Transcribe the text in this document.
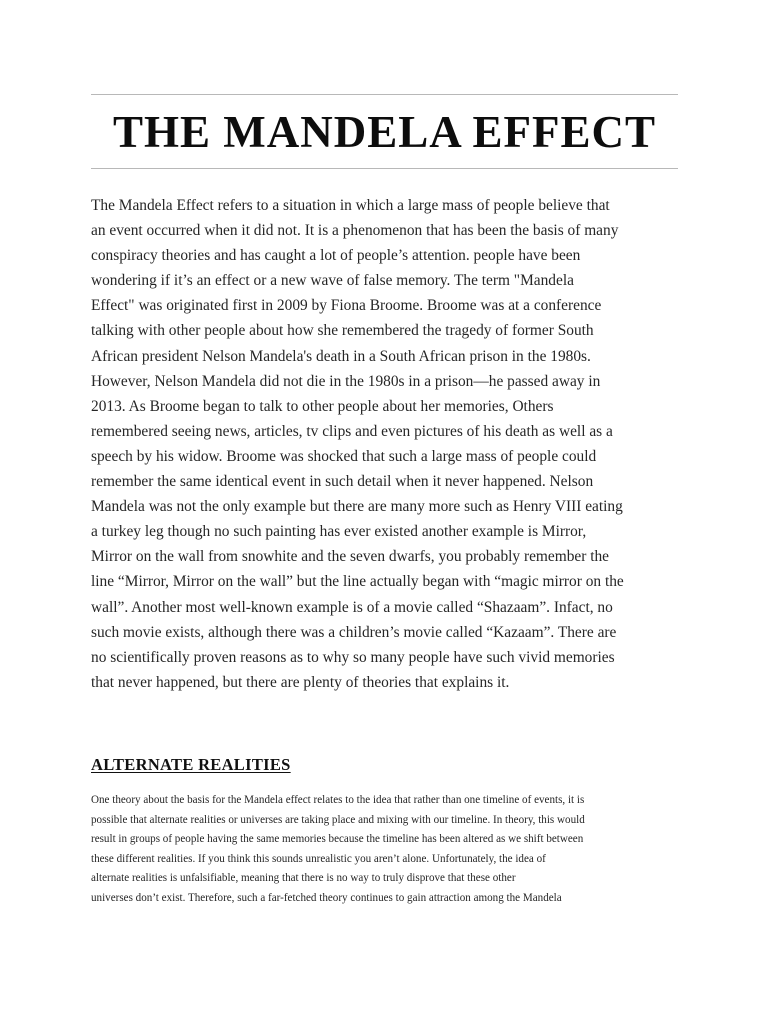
THE MANDELA EFFECT

The Mandela Effect refers to a situation in which a large mass of people believe that
an event occurred when it did not. It is a phenomenon that has been the basis of many
conspiracy theories and has caught a lot of people’s attention. people have been
wondering if it’s an effect or a new wave of false memory. The term "Mandela
Effect" was originated first in 2009 by Fiona Broome. Broome was at a conference
talking with other people about how she remembered the tragedy of former South
African president Nelson Mandela's death in a South African prison in the 1980s.
However, Nelson Mandela did not die in the 1980s in a prison—he passed away in
2013. As Broome began to talk to other people about her memories, Others
remembered seeing news, articles, tv clips and even pictures of his death as well as a
speech by his widow. Broome was shocked that such a large mass of people could
remember the same identical event in such detail when it never happened. Nelson
Mandela was not the only example but there are many more such as Henry VIII eating
a turkey leg though no such painting has ever existed another example is Mirror,
Mirror on the wall from snowhite and the seven dwarfs, you probably remember the
line “Mirror, Mirror on the wall” but the line actually began with “magic mirror on the
wall”. Another most well-known example is of a movie called “Shazaam”. Infact, no
such movie exists, although there was a children’s movie called “Kazaam”. There are
no scientifically proven reasons as to why so many people have such vivid memories
that never happened, but there are plenty of theories that explains it.

ALTERNATE REALITIES

One theory about the basis for the Mandela effect relates to the idea that rather than one timeline of events, it is
possible that alternate realities or universes are taking place and mixing with our timeline. In theory, this would
result in groups of people having the same memories because the timeline has been altered as we shift between
these different realities. If you think this sounds unrealistic you aren’t alone. Unfortunately, the idea of
alternate realities is unfalsifiable, meaning that there is no way to truly disprove that these other
universes don’t exist. Therefore, such a far-fetched theory continues to gain attraction among the Mandela
